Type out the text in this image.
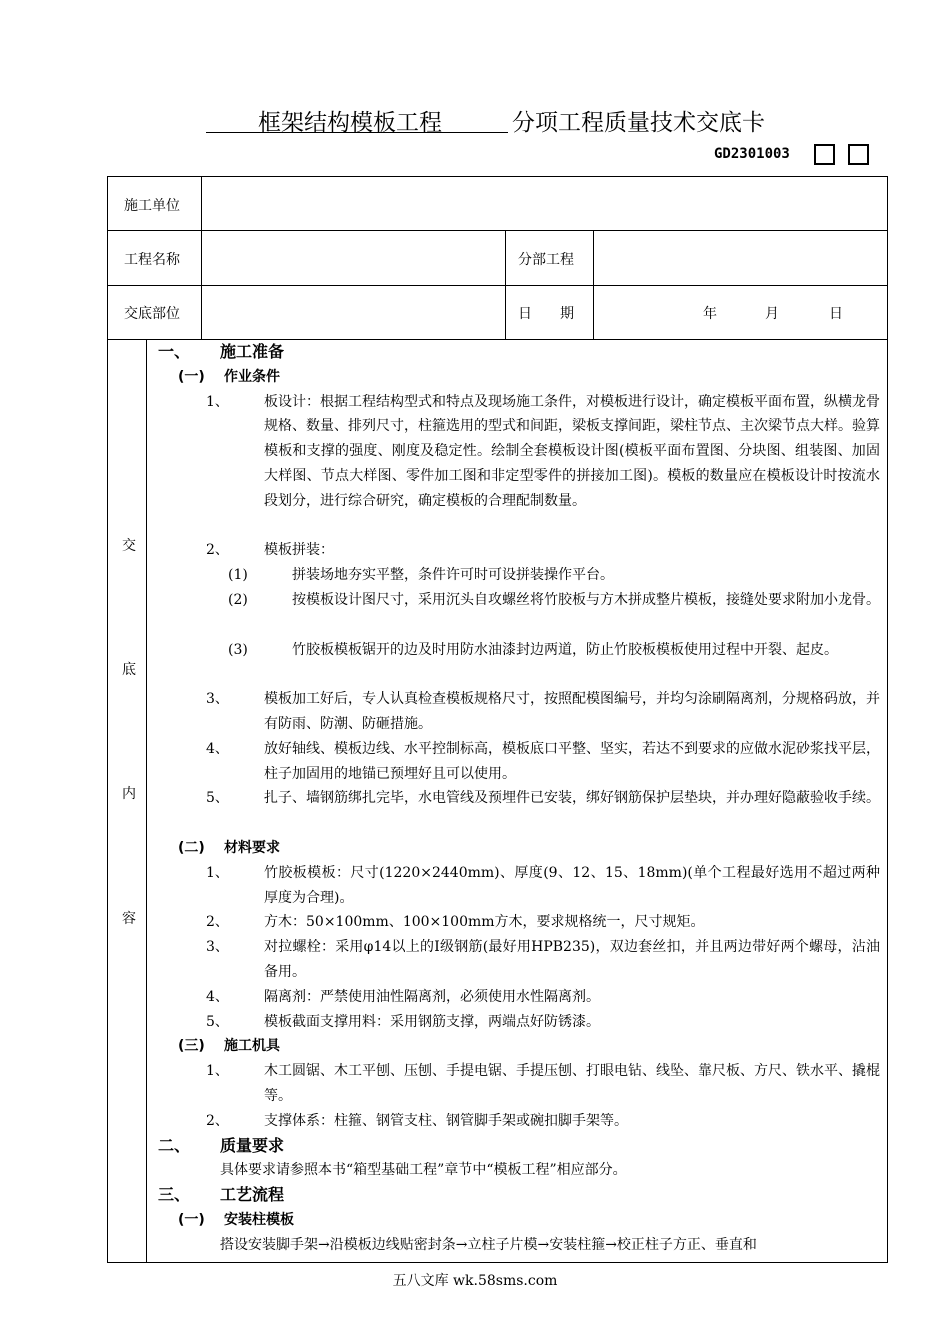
框架结构模板工程	分项工程质量技术交底卡
GD2301003
施工单位
工程名称	分部工程
交底部位	日　　期	年	月	日
交
底
内
容
一、 施工准备
(一) 作业条件
1、	板设计：根据工程结构型式和特点及现场施工条件，对模板进行设计，确定模板平面布置，纵横龙骨规格、数量、排列尺寸，柱箍选用的型式和间距，梁板支撑间距，梁柱节点、主次梁节点大样。验算模板和支撑的强度、刚度及稳定性。绘制全套模板设计图(模板平面布置图、分块图、组装图、加固大样图、节点大样图、零件加工图和非定型零件的拼接加工图)。模板的数量应在模板设计时按流水段划分，进行综合研究，确定模板的合理配制数量。
2、	模板拼装：
(1)	拼装场地夯实平整，条件许可时可设拼装操作平台。
(2)	按模板设计图尺寸，采用沉头自攻螺丝将竹胶板与方木拼成整片模板，接缝处要求附加小龙骨。
(3)	竹胶板模板锯开的边及时用防水油漆封边两道，防止竹胶板模板使用过程中开裂、起皮。
3、	模板加工好后，专人认真检查模板规格尺寸，按照配模图编号，并均匀涂刷隔离剂，分规格码放，并有防雨、防潮、防砸措施。
4、	放好轴线、模板边线、水平控制标高，模板底口平整、坚实，若达不到要求的应做水泥砂浆找平层，柱子加固用的地锚已预埋好且可以使用。
5、	扎子、墙钢筋绑扎完毕，水电管线及预埋件已安装，绑好钢筋保护层垫块，并办理好隐蔽验收手续。
(二) 材料要求
1、	竹胶板模板：尺寸(1220×2440mm)、厚度(9、12、15、18mm)(单个工程最好选用不超过两种厚度为合理)。
2、	方木：50×100mm、100×100mm方木，要求规格统一，尺寸规矩。
3、	对拉螺栓：采用φ14以上的Ⅰ级钢筋(最好用HPB235)，双边套丝扣，并且两边带好两个螺母，沾油备用。
4、	隔离剂：严禁使用油性隔离剂，必须使用水性隔离剂。
5、	模板截面支撑用料：采用钢筋支撑，两端点好防锈漆。
(三) 施工机具
1、	木工圆锯、木工平刨、压刨、手提电锯、手提压刨、打眼电钻、线坠、靠尺板、方尺、铁水平、撬棍等。
2、	支撑体系：柱箍、钢管支柱、钢管脚手架或碗扣脚手架等。
二、 质量要求
具体要求请参照本书“箱型基础工程”章节中“模板工程”相应部分。
三、 工艺流程
(一) 安装柱模板
搭设安装脚手架→沿模板边线贴密封条→立柱子片模→安装柱箍→校正柱子方正、垂直和
五八文库 wk.58sms.com
